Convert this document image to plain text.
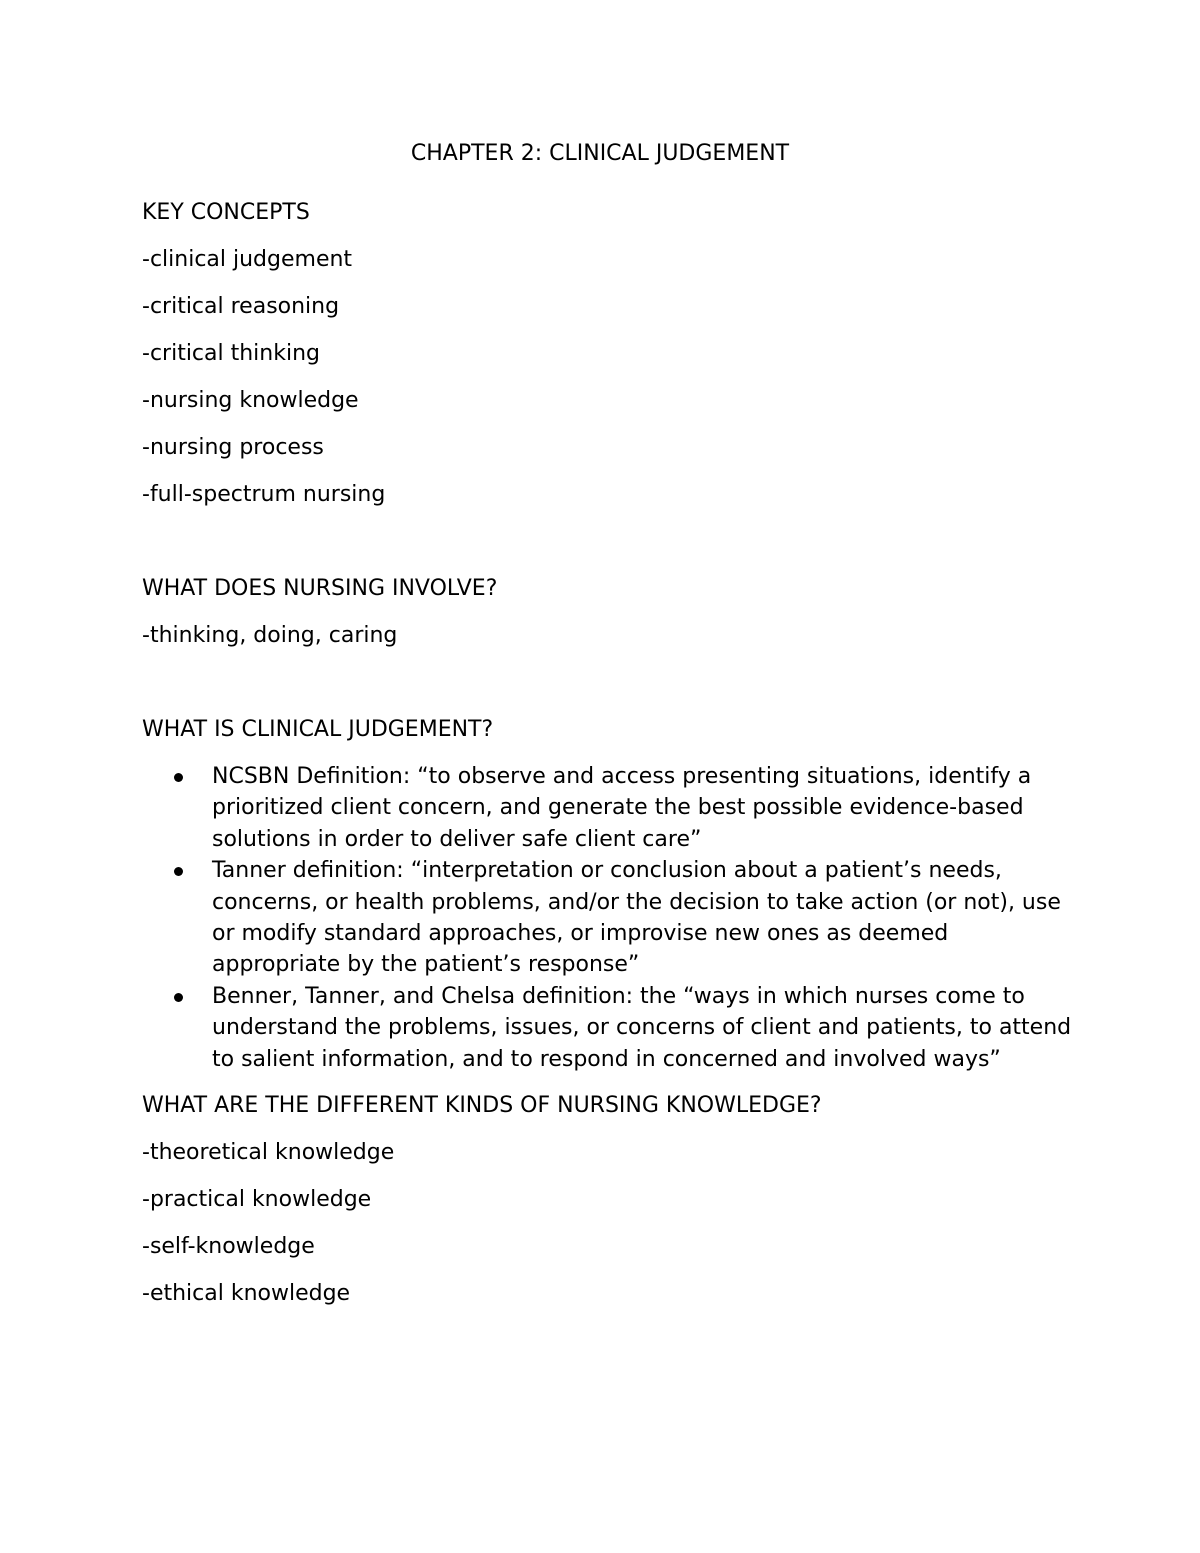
CHAPTER 2: CLINICAL JUDGEMENT
KEY CONCEPTS
-clinical judgement
-critical reasoning
-critical thinking
-nursing knowledge
-nursing process
-full-spectrum nursing
WHAT DOES NURSING INVOLVE?
-thinking, doing, caring
WHAT IS CLINICAL JUDGEMENT?
NCSBN Definition: “to observe and access presenting situations, identify a prioritized client concern, and generate the best possible evidence-based solutions in order to deliver safe client care”
Tanner definition: “interpretation or conclusion about a patient’s needs, concerns, or health problems, and/or the decision to take action (or not), use or modify standard approaches, or improvise new ones as deemed appropriate by the patient’s response”
Benner, Tanner, and Chelsa definition: the “ways in which nurses come to understand the problems, issues, or concerns of client and patients, to attend to salient information, and to respond in concerned and involved ways”
WHAT ARE THE DIFFERENT KINDS OF NURSING KNOWLEDGE?
-theoretical knowledge
-practical knowledge
-self-knowledge
-ethical knowledge
